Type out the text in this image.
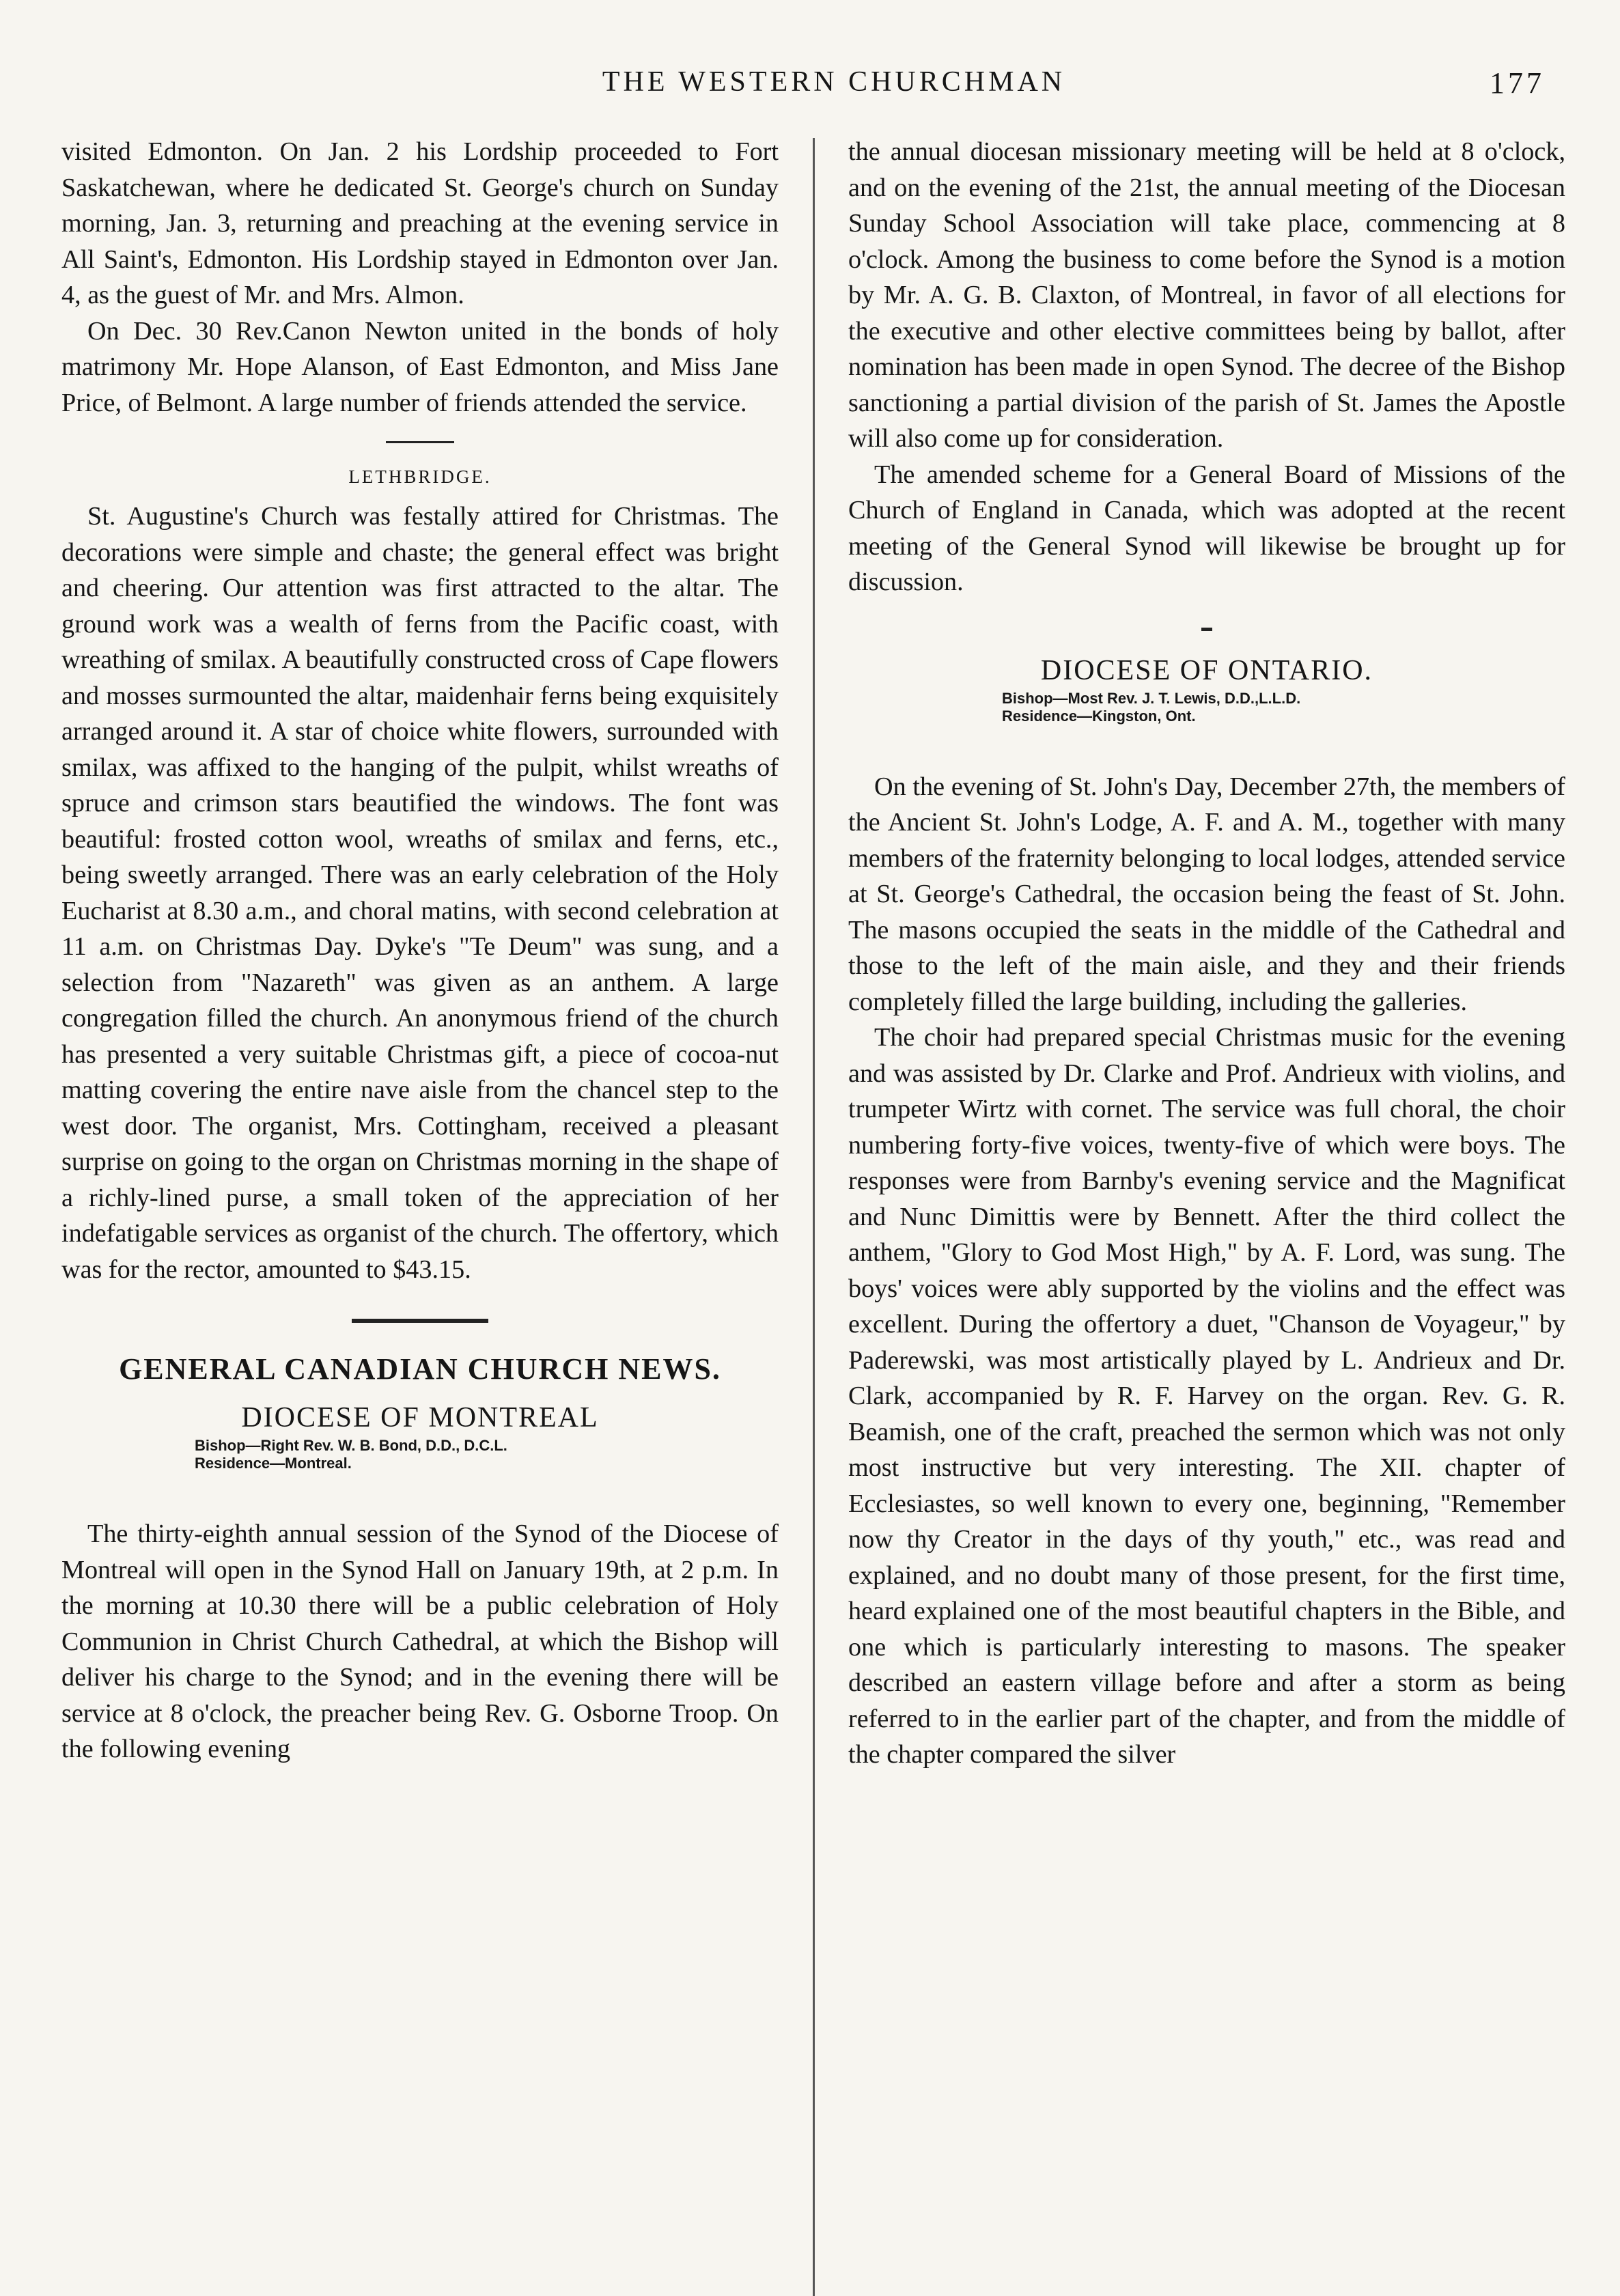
THE WESTERN CHURCHMAN	177

visited Edmonton. On Jan. 2 his Lordship proceeded to Fort Saskatchewan, where he dedicated St. George's church on Sunday morning, Jan. 3, returning and preaching at the evening service in All Saint's, Edmonton. His Lordship stayed in Edmonton over Jan. 4, as the guest of Mr. and Mrs. Almon.

On Dec. 30 Rev.Canon Newton united in the bonds of holy matrimony Mr. Hope Alanson, of East Edmonton, and Miss Jane Price, of Belmont. A large number of friends attended the service.

LETHBRIDGE.

St. Augustine's Church was festally attired for Christmas. The decorations were simple and chaste; the general effect was bright and cheering. Our attention was first attracted to the altar. The ground work was a wealth of ferns from the Pacific coast, with wreathing of smilax. A beautifully constructed cross of Cape flowers and mosses surmounted the altar, maidenhair ferns being exquisitely arranged around it. A star of choice white flowers, surrounded with smilax, was affixed to the hanging of the pulpit, whilst wreaths of spruce and crimson stars beautified the windows. The font was beautiful: frosted cotton wool, wreaths of smilax and ferns, etc., being sweetly arranged. There was an early celebration of the Holy Eucharist at 8.30 a.m., and choral matins, with second celebration at 11 a.m. on Christmas Day. Dyke's "Te Deum" was sung, and a selection from "Nazareth" was given as an anthem. A large congregation filled the church. An anonymous friend of the church has presented a very suitable Christmas gift, a piece of cocoa-nut matting covering the entire nave aisle from the chancel step to the west door. The organist, Mrs. Cottingham, received a pleasant surprise on going to the organ on Christmas morning in the shape of a richly-lined purse, a small token of the appreciation of her indefatigable services as organist of the church. The offertory, which was for the rector, amounted to $43.15.

GENERAL CANADIAN CHURCH NEWS.
DIOCESE OF MONTREAL
Bishop—Right Rev. W. B. Bond, D.D., D.C.L.
Residence—Montreal.

The thirty-eighth annual session of the Synod of the Diocese of Montreal will open in the Synod Hall on January 19th, at 2 p.m. In the morning at 10.30 there will be a public celebration of Holy Communion in Christ Church Cathedral, at which the Bishop will deliver his charge to the Synod; and in the evening there will be service at 8 o'clock, the preacher being Rev. G. Osborne Troop. On the following evening

the annual diocesan missionary meeting will be held at 8 o'clock, and on the evening of the 21st, the annual meeting of the Diocesan Sunday School Association will take place, commencing at 8 o'clock. Among the business to come before the Synod is a motion by Mr. A. G. B. Claxton, of Montreal, in favor of all elections for the executive and other elective committees being by ballot, after nomination has been made in open Synod. The decree of the Bishop sanctioning a partial division of the parish of St. James the Apostle will also come up for consideration.

The amended scheme for a General Board of Missions of the Church of England in Canada, which was adopted at the recent meeting of the General Synod will likewise be brought up for discussion.

DIOCESE OF ONTARIO.
Bishop—Most Rev. J. T. Lewis, D.D.,L.L.D.
Residence—Kingston, Ont.

On the evening of St. John's Day, December 27th, the members of the Ancient St. John's Lodge, A. F. and A. M., together with many members of the fraternity belonging to local lodges, attended service at St. George's Cathedral, the occasion being the feast of St. John. The masons occupied the seats in the middle of the Cathedral and those to the left of the main aisle, and they and their friends completely filled the large building, including the galleries.

The choir had prepared special Christmas music for the evening and was assisted by Dr. Clarke and Prof. Andrieux with violins, and trumpeter Wirtz with cornet. The service was full choral, the choir numbering forty-five voices, twenty-five of which were boys. The responses were from Barnby's evening service and the Magnificat and Nunc Dimittis were by Bennett. After the third collect the anthem, "Glory to God Most High," by A. F. Lord, was sung. The boys' voices were ably supported by the violins and the effect was excellent. During the offertory a duet, "Chanson de Voyageur," by Paderewski, was most artistically played by L. Andrieux and Dr. Clark, accompanied by R. F. Harvey on the organ. Rev. G. R. Beamish, one of the craft, preached the sermon which was not only most instructive but very interesting. The XII. chapter of Ecclesiastes, so well known to every one, beginning, "Remember now thy Creator in the days of thy youth," etc., was read and explained, and no doubt many of those present, for the first time, heard explained one of the most beautiful chapters in the Bible, and one which is particularly interesting to masons. The speaker described an eastern village before and after a storm as being referred to in the earlier part of the chapter, and from the middle of the chapter compared the silver
